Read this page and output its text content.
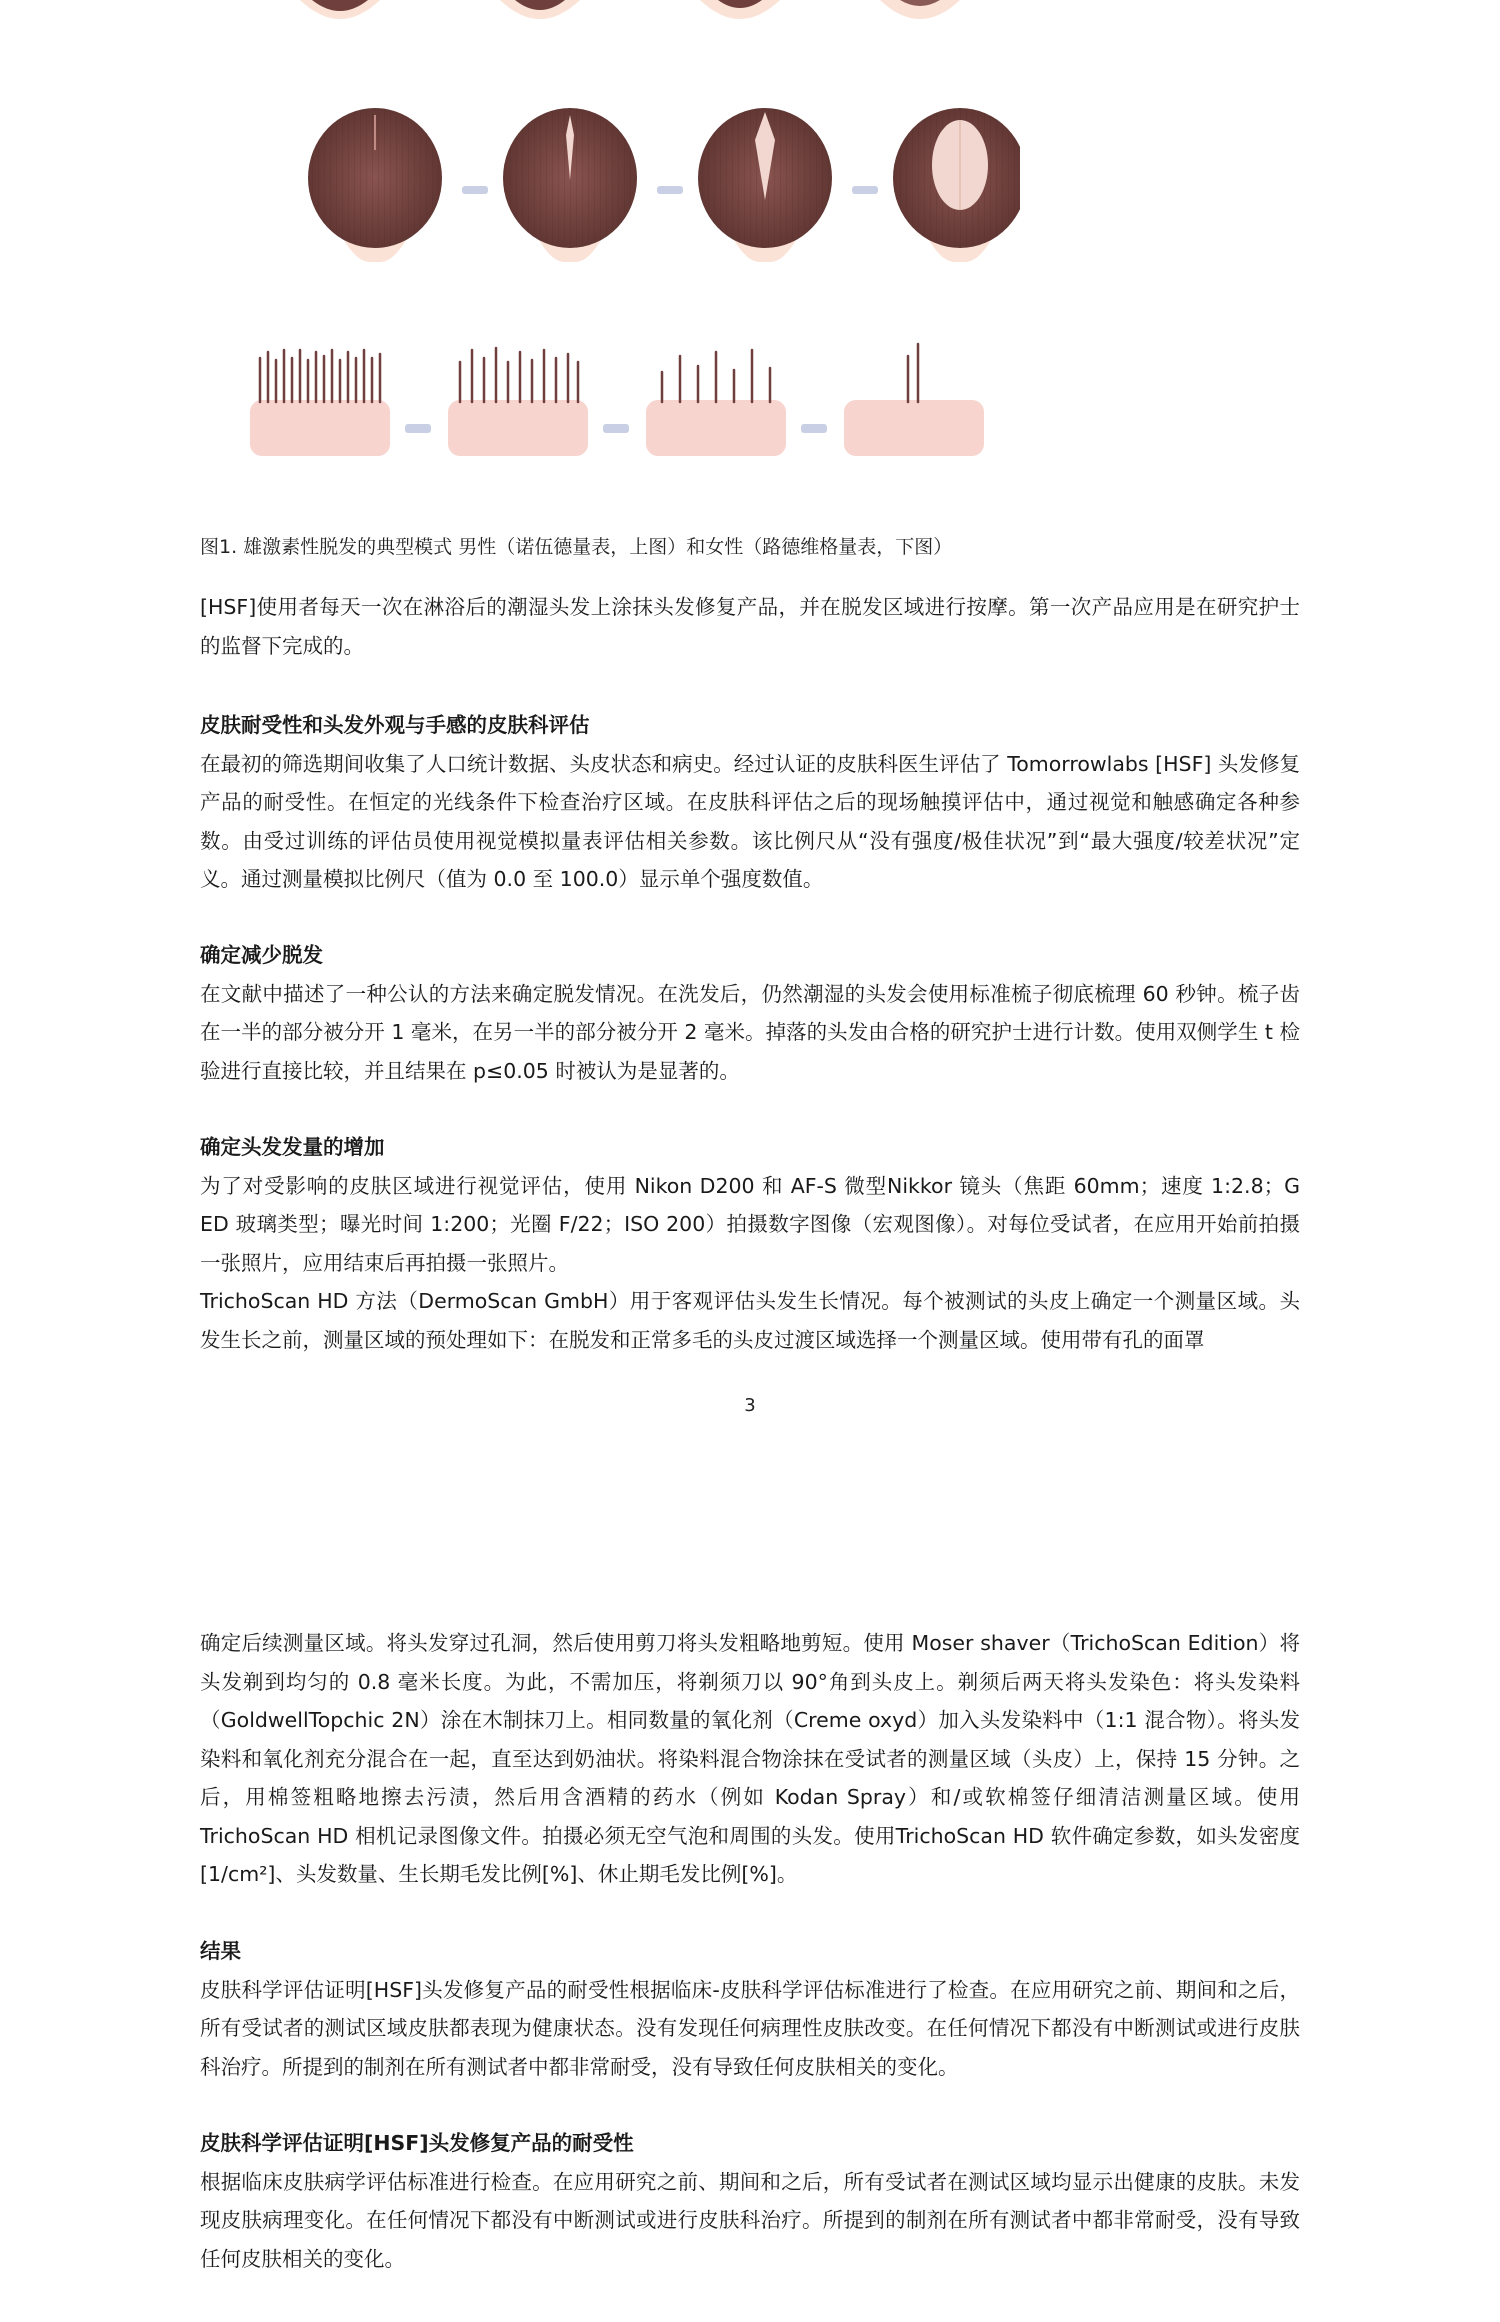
图1. 雄激素性脱发的典型模式 男性（诺伍德量表，上图）和女性（路德维格量表，下图）

[HSF]使用者每天一次在淋浴后的潮湿头发上涂抹头发修复产品，并在脱发区域进行按摩。第一次产品应用是在研究护士的监督下完成的。

皮肤耐受性和头发外观与手感的皮肤科评估

在最初的筛选期间收集了人口统计数据、头皮状态和病史。经过认证的皮肤科医生评估了 Tomorrowlabs [HSF] 头发修复产品的耐受性。在恒定的光线条件下检查治疗区域。在皮肤科评估之后的现场触摸评估中，通过视觉和触感确定各种参数。由受过训练的评估员使用视觉模拟量表评估相关参数。该比例尺从“没有强度/极佳状况”到“最大强度/较差状况”定义。通过测量模拟比例尺（值为 0.0 至 100.0）显示单个强度数值。

确定减少脱发

在文献中描述了一种公认的方法来确定脱发情况。在洗发后，仍然潮湿的头发会使用标准梳子彻底梳理 60 秒钟。梳子齿在一半的部分被分开 1 毫米，在另一半的部分被分开 2 毫米。掉落的头发由合格的研究护士进行计数。使用双侧学生 t 检验进行直接比较，并且结果在 p≤0.05 时被认为是显著的。

确定头发发量的增加

为了对受影响的皮肤区域进行视觉评估，使用 Nikon D200 和 AF-S 微型Nikkor 镜头（焦距 60mm；速度 1:2.8；G ED 玻璃类型；曝光时间 1:200；光圈 F/22；ISO 200）拍摄数字图像（宏观图像）。对每位受试者，在应用开始前拍摄一张照片，应用结束后再拍摄一张照片。

TrichoScan HD 方法（DermoScan GmbH）用于客观评估头发生长情况。每个被测试的头皮上确定一个测量区域。头发生长之前，测量区域的预处理如下：在脱发和正常多毛的头皮过渡区域选择一个测量区域。使用带有孔的面罩

3

确定后续测量区域。将头发穿过孔洞，然后使用剪刀将头发粗略地剪短。使用 Moser shaver（TrichoScan Edition）将头发剃到均匀的 0.8 毫米长度。为此，不需加压，将剃须刀以 90°角到头皮上。剃须后两天将头发染色：将头发染料（GoldwellTopchic 2N）涂在木制抹刀上。相同数量的氧化剂（Creme oxyd）加入头发染料中（1:1 混合物）。将头发染料和氧化剂充分混合在一起，直至达到奶油状。将染料混合物涂抹在受试者的测量区域（头皮）上，保持 15 分钟。之后，用棉签粗略地擦去污渍，然后用含酒精的药水（例如 Kodan Spray）和/或软棉签仔细清洁测量区域。使用TrichoScan HD 相机记录图像文件。拍摄必须无空气泡和周围的头发。使用TrichoScan HD 软件确定参数，如头发密度[1/cm²]、头发数量、生长期毛发比例[%]、休止期毛发比例[%]。

结果

皮肤科学评估证明[HSF]头发修复产品的耐受性根据临床-皮肤科学评估标准进行了检查。在应用研究之前、期间和之后，所有受试者的测试区域皮肤都表现为健康状态。没有发现任何病理性皮肤改变。在任何情况下都没有中断测试或进行皮肤科治疗。所提到的制剂在所有测试者中都非常耐受，没有导致任何皮肤相关的变化。

皮肤科学评估证明[HSF]头发修复产品的耐受性

根据临床皮肤病学评估标准进行检查。在应用研究之前、期间和之后，所有受试者在测试区域均显示出健康的皮肤。未发现皮肤病理变化。在任何情况下都没有中断测试或进行皮肤科治疗。所提到的制剂在所有测试者中都非常耐受，没有导致任何皮肤相关的变化。
